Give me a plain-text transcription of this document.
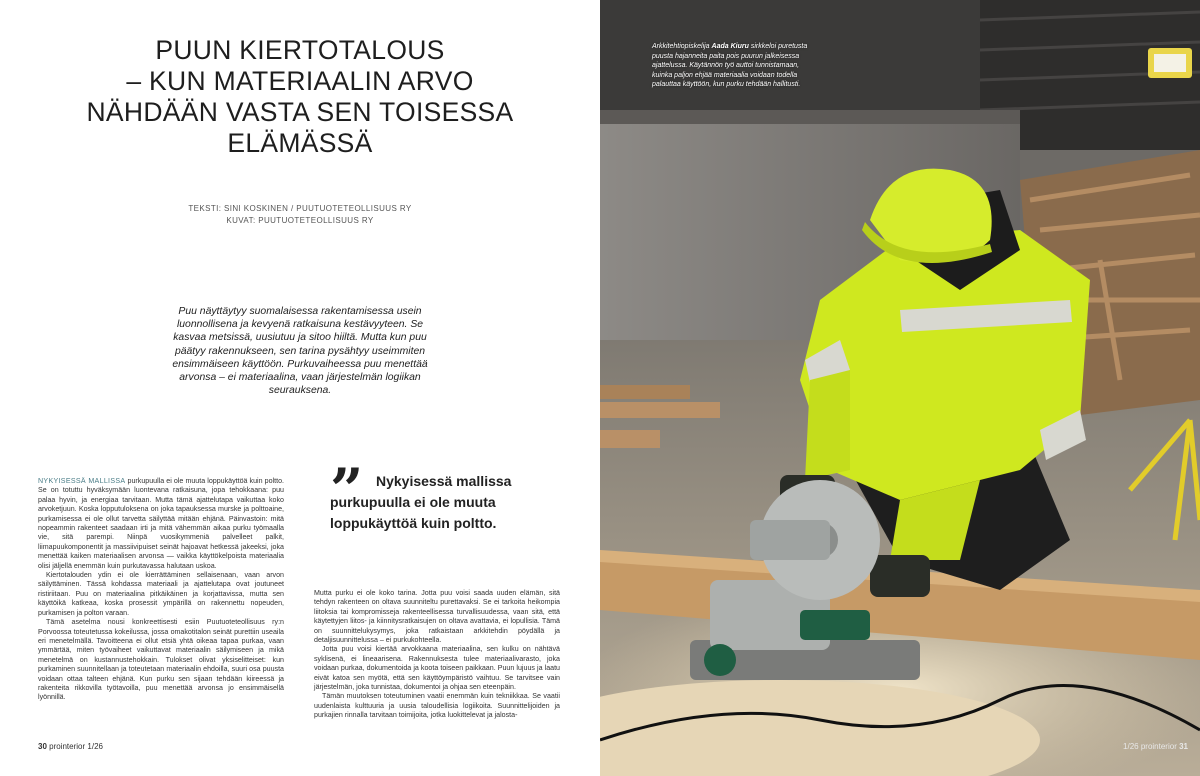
PUUN KIERTOTALOUS
– KUN MATERIAALIN ARVO
NÄHDÄÄN VASTA SEN TOISESSA
ELÄMÄSSÄ
TEKSTI: SINI KOSKINEN / PUUTUOTETEOLLISUUS RY
KUVAT: PUUTUOTETEOLLISUUS RY

Puu näyttäytyy suomalaisessa rakentamisessa usein luonnollisena ja kevyenä ratkaisuna kestävyyteen. Se kasvaa metsissä, uusiutuu ja sitoo hiiltä. Mutta kun puu päätyy rakennukseen, sen tarina pysähtyy useimmiten ensimmäiseen käyttöön. Purkuvaiheessa puu menettää arvonsa – ei materiaalina, vaan järjestelmän logiikan seurauksena.

NYKYISESSÄ MALLISSA purkupuulla ei ole muuta loppukäyttöä kuin poltto. Se on totuttu hyväksymään luontevana ratkaisuna, jopa tehokkaana: puu palaa hyvin, ja energiaa tarvitaan. Mutta tämä ajattelutapa vaikuttaa koko arvoketjuun. Koska lopputuloksena on joka tapauksessa murske ja polttoaine, purkamisessa ei ole ollut tarvetta säilyttää mitään ehjänä. Päinvastoin: mitä nopeammin rakenteet saadaan irti ja mitä vähemmän aikaa purku työmaalla vie, sitä parempi. Niinpä vuosikymmeniä palvelleet palkit, liimapuukomponentit ja massiivipuiset seinät hajoavat hetkessä jakeeksi, joka menettää kaiken materiaalisen arvonsa — vaikka käyttökelpoista materiaalia olisi jäljellä enemmän kuin purkutavassa halutaan uskoa.

Kiertotalouden ydin ei ole kierrättäminen sellaisenaan, vaan arvon säilyttäminen. Tässä kohdassa materiaali ja ajattelutapa ovat joutuneet ristiriitaan. Puu on materiaalina pitkäikäinen ja korjattavissa, mutta sen käyttöikä katkeaa, koska prosessit ympärillä on rakennettu nopeuden, purkamisen ja polton varaan.

Tämä asetelma nousi konkreettisesti esiin Puutuoteteollisuus ry:n Porvoossa toteutetussa kokeilussa, jossa omakotitalon seinät purettiin useaila eri menetelmällä. Tavoitteena ei ollut etsiä yhtä oikeaa tapaa purkaa, vaan ymmärtää, miten työvaiheet vaikuttavat materiaalin säilymiseen ja mikä menetelmä on kustannustehokkain. Tulokset olivat yksiselitteiset: kun purkaminen suunnitellaan ja toteutetaan materiaalin ehdoilla, suuri osa puusta voidaan ottaa talteen ehjänä. Kun purku sen sijaan tehdään kiireessä ja rakenteita rikkovilla työtavoilla, puu menettää arvonsa jo ensimmäisellä lyönnillä.

” Nykyisessä mallissa purkupuulla ei ole muuta loppukäyttöä kuin poltto.

Mutta purku ei ole koko tarina. Jotta puu voisi saada uuden elämän, sitä tehdyn rakenteen on oltava suunniteltu purettavaksi. Se ei tarkoita heikompia liitoksia tai kompromisseja rakenteellisessa turvallisuudessa, vaan sitä, että käytettyjen liitos- ja kiinnitysratkaisujen on oltava avattavia, ei lopullisia. Tämä on suunnittelukysymys, joka ratkaistaan arkkitehdin pöydällä ja detaljisuunnittelussa – ei purkukohteella.

Jotta puu voisi kiertää arvokkaana materiaalina, sen kulku on nähtävä syklisenä, ei lineaarisena. Rakennuksesta tulee materiaalivarasto, joka voidaan purkaa, dokumentoida ja koota toiseen paikkaan. Puun lujuus ja laatu eivät katoa sen myötä, että sen käyttöympäristö vaihtuu. Se tarvitsee vain järjestelmän, joka tunnistaa, dokumentoi ja ohjaa sen eteenpäin.

Tämän muutoksen toteutuminen vaatii enemmän kuin tekniikkaa. Se vaatii uudenlaista kulttuuria ja uusia taloudellisia logiikoita. Suunnittelijoiden ja purkajien rinnalla tarvitaan toimijoita, jotka luokittelevat ja jalosta-

30 prointerior 1/26
Arkkitehtiopiskelija Aada Kiuru sirkkeloi puretusta puusta hajanneita paita pois puurun jalkeisessa ajattelussa. Käytännön työ auttoi tunnistamaan, kuinka paljon ehjää materiaalia voidaan todella palauttaa käyttöön, kun purku tehdään hallitusti.
1/26 prointerior 31
